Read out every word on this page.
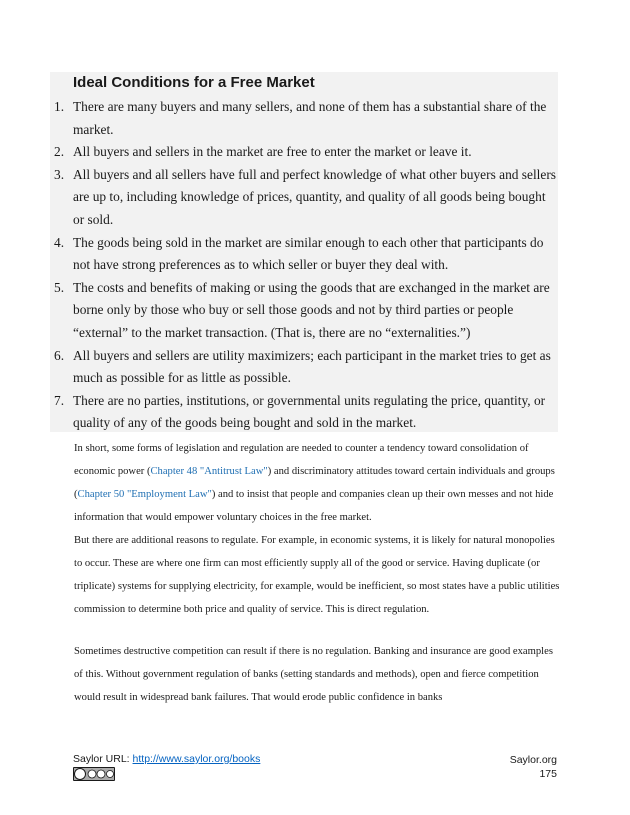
Ideal Conditions for a Free Market
1. There are many buyers and many sellers, and none of them has a substantial share of the market.
2. All buyers and sellers in the market are free to enter the market or leave it.
3. All buyers and all sellers have full and perfect knowledge of what other buyers and sellers are up to, including knowledge of prices, quantity, and quality of all goods being bought or sold.
4. The goods being sold in the market are similar enough to each other that participants do not have strong preferences as to which seller or buyer they deal with.
5. The costs and benefits of making or using the goods that are exchanged in the market are borne only by those who buy or sell those goods and not by third parties or people “external” to the market transaction. (That is, there are no “externalities.”)
6. All buyers and sellers are utility maximizers; each participant in the market tries to get as much as possible for as little as possible.
7. There are no parties, institutions, or governmental units regulating the price, quantity, or quality of any of the goods being bought and sold in the market.

In short, some forms of legislation and regulation are needed to counter a tendency toward consolidation of economic power (Chapter 48 "Antitrust Law") and discriminatory attitudes toward certain individuals and groups (Chapter 50 "Employment Law") and to insist that people and companies clean up their own messes and not hide information that would empower voluntary choices in the free market.

But there are additional reasons to regulate. For example, in economic systems, it is likely for natural monopolies to occur. These are where one firm can most efficiently supply all of the good or service. Having duplicate (or triplicate) systems for supplying electricity, for example, would be inefficient, so most states have a public utilities commission to determine both price and quality of service. This is direct regulation.

Sometimes destructive competition can result if there is no regulation. Banking and insurance are good examples of this. Without government regulation of banks (setting standards and methods), open and fierce competition would result in widespread bank failures. That would erode public confidence in banks

Saylor URL: http://www.saylor.org/books	Saylor.org
175
